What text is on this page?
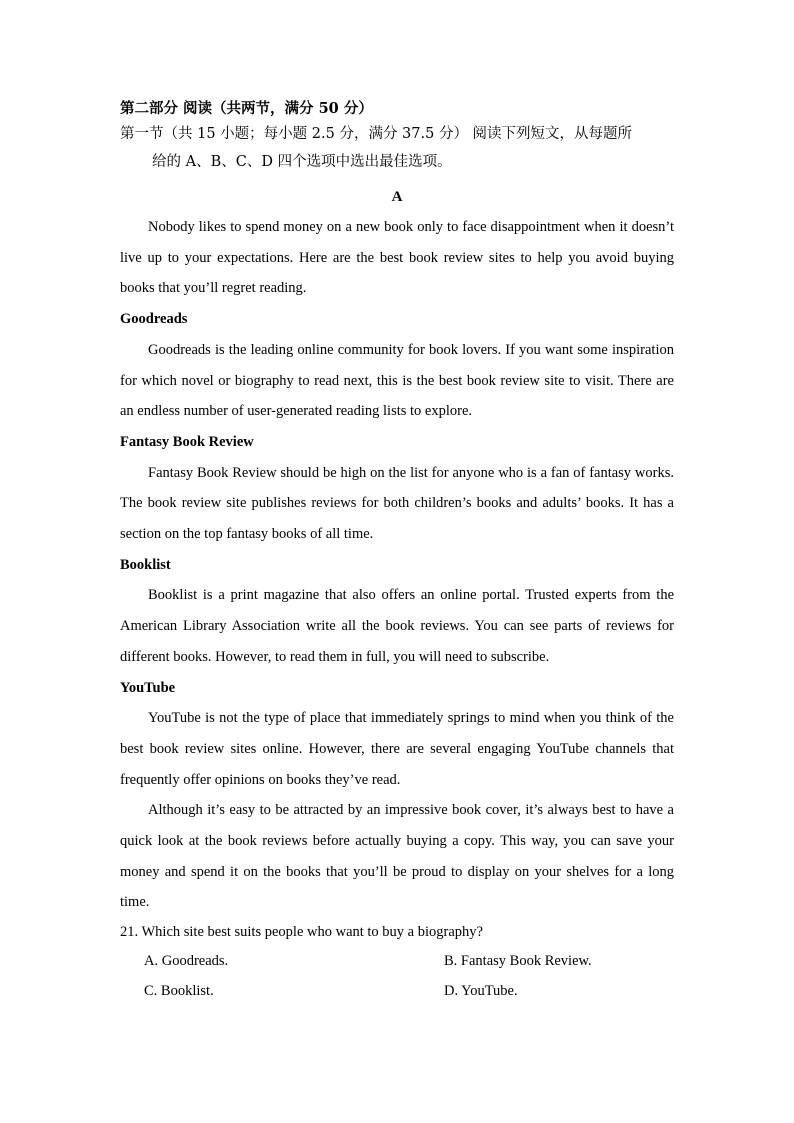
第二部分 阅读（共两节，满分 50 分）
第一节（共 15 小题；每小题 2.5 分，满分 37.5 分） 阅读下列短文，从每题所
给的 A、B、C、D 四个选项中选出最佳选项。
A

Nobody likes to spend money on a new book only to face disappointment when it doesn’t live up to your expectations. Here are the best book review sites to help you avoid buying books that you’ll regret reading.

Goodreads

Goodreads is the leading online community for book lovers. If you want some inspiration for which novel or biography to read next, this is the best book review site to visit. There are an endless number of user-generated reading lists to explore.

Fantasy Book Review

Fantasy Book Review should be high on the list for anyone who is a fan of fantasy works. The book review site publishes reviews for both children’s books and adults’ books. It has a section on the top fantasy books of all time.

Booklist

Booklist is a print magazine that also offers an online portal. Trusted experts from the American Library Association write all the book reviews. You can see parts of reviews for different books. However, to read them in full, you will need to subscribe.

YouTube

YouTube is not the type of place that immediately springs to mind when you think of the best book review sites online. However, there are several engaging YouTube channels that frequently offer opinions on books they’ve read.

Although it’s easy to be attracted by an impressive book cover, it’s always best to have a quick look at the book reviews before actually buying a copy. This way, you can save your money and spend it on the books that you’ll be proud to display on your shelves for a long time.

21. Which site best suits people who want to buy a biography?

A. Goodreads.	B. Fantasy Book Review.
C. Booklist.	D. YouTube.
